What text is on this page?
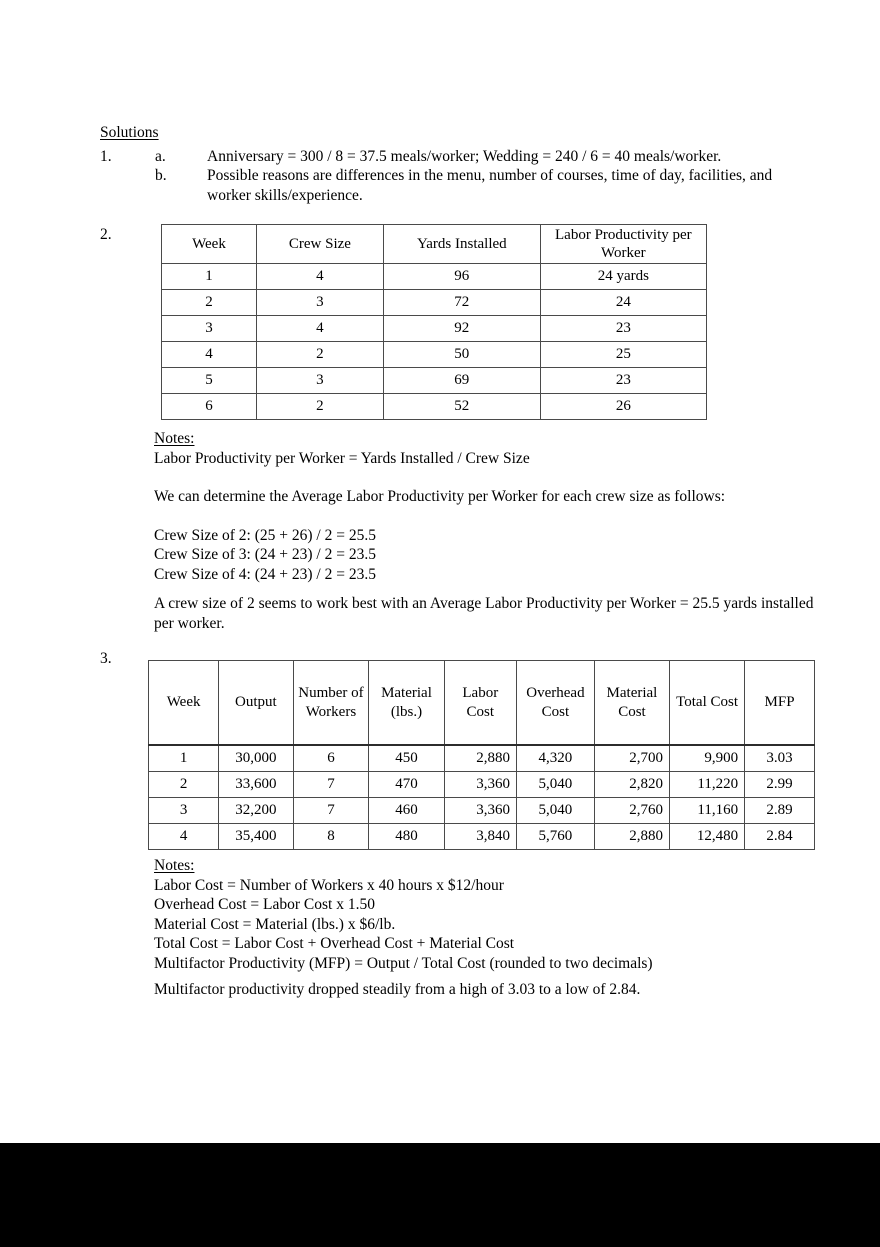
Solutions
1.	a.	Anniversary = 300 / 8 = 37.5 meals/worker; Wedding = 240 / 6 = 40 meals/worker.
b.	Possible reasons are differences in the menu, number of courses, time of day, facilities, and worker skills/experience.
2.
Week	Crew Size	Yards Installed	Labor Productivity per Worker
1	4	96	24 yards
2	3	72	24
3	4	92	23
4	2	50	25
5	3	69	23
6	2	52	26
Notes:
Labor Productivity per Worker = Yards Installed / Crew Size
We can determine the Average Labor Productivity per Worker for each crew size as follows:
Crew Size of 2: (25 + 26) / 2 = 25.5
Crew Size of 3: (24 + 23) / 2 = 23.5
Crew Size of 4: (24 + 23) / 2 = 23.5
A crew size of 2 seems to work best with an Average Labor Productivity per Worker = 25.5 yards installed per worker.
3.
Week	Output	Number of Workers	Material (lbs.)	Labor Cost	Overhead Cost	Material Cost	Total Cost	MFP
1	30,000	6	450	2,880	4,320	2,700	9,900	3.03
2	33,600	7	470	3,360	5,040	2,820	11,220	2.99
3	32,200	7	460	3,360	5,040	2,760	11,160	2.89
4	35,400	8	480	3,840	5,760	2,880	12,480	2.84
Notes:
Labor Cost = Number of Workers x 40 hours x $12/hour
Overhead Cost = Labor Cost x 1.50
Material Cost = Material (lbs.) x $6/lb.
Total Cost = Labor Cost + Overhead Cost + Material Cost
Multifactor Productivity (MFP) = Output / Total Cost (rounded to two decimals)
Multifactor productivity dropped steadily from a high of 3.03 to a low of 2.84.
